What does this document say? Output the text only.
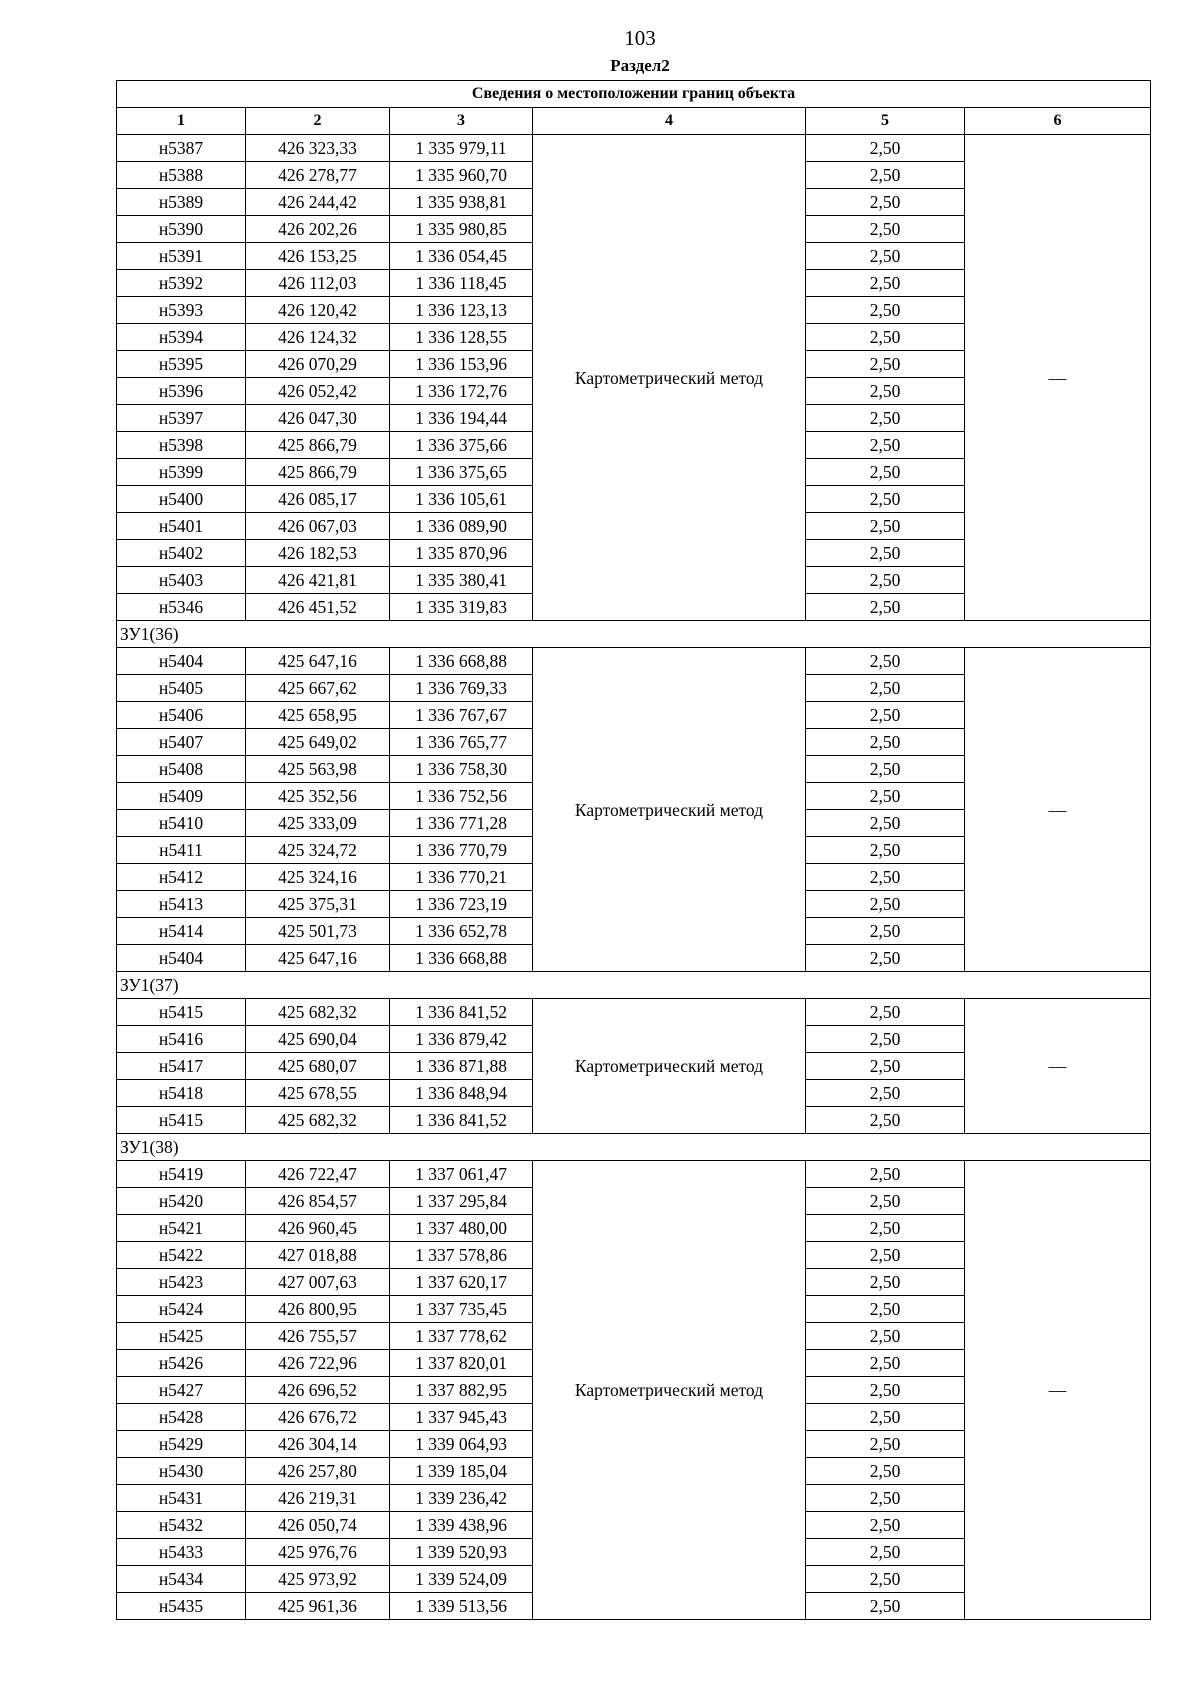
103
Раздел2
Сведения о местоположении границ объекта					
1	2	3	4	5	6
н5387	426 323,33	1 335 979,11	Картометрический метод	2,50	—
н5388	426 278,77	1 335 960,70		2,50	
н5389	426 244,42	1 335 938,81		2,50	
н5390	426 202,26	1 335 980,85		2,50	
н5391	426 153,25	1 336 054,45		2,50	
н5392	426 112,03	1 336 118,45		2,50	
н5393	426 120,42	1 336 123,13		2,50	
н5394	426 124,32	1 336 128,55		2,50	
н5395	426 070,29	1 336 153,96		2,50	
н5396	426 052,42	1 336 172,76		2,50	
н5397	426 047,30	1 336 194,44		2,50	
н5398	425 866,79	1 336 375,66		2,50	
н5399	425 866,79	1 336 375,65		2,50	
н5400	426 085,17	1 336 105,61		2,50	
н5401	426 067,03	1 336 089,90		2,50	
н5402	426 182,53	1 335 870,96		2,50	
н5403	426 421,81	1 335 380,41		2,50	
н5346	426 451,52	1 335 319,83		2,50	
ЗУ1(36)					
н5404	425 647,16	1 336 668,88	Картометрический метод	2,50	—
н5405	425 667,62	1 336 769,33		2,50	
н5406	425 658,95	1 336 767,67		2,50	
н5407	425 649,02	1 336 765,77		2,50	
н5408	425 563,98	1 336 758,30		2,50	
н5409	425 352,56	1 336 752,56		2,50	
н5410	425 333,09	1 336 771,28		2,50	
н5411	425 324,72	1 336 770,79		2,50	
н5412	425 324,16	1 336 770,21		2,50	
н5413	425 375,31	1 336 723,19		2,50	
н5414	425 501,73	1 336 652,78		2,50	
н5404	425 647,16	1 336 668,88		2,50	
ЗУ1(37)					
н5415	425 682,32	1 336 841,52	Картометрический метод	2,50	—
н5416	425 690,04	1 336 879,42		2,50	
н5417	425 680,07	1 336 871,88		2,50	
н5418	425 678,55	1 336 848,94		2,50	
н5415	425 682,32	1 336 841,52		2,50	
ЗУ1(38)					
н5419	426 722,47	1 337 061,47	Картометрический метод	2,50	—
н5420	426 854,57	1 337 295,84		2,50	
н5421	426 960,45	1 337 480,00		2,50	
н5422	427 018,88	1 337 578,86		2,50	
н5423	427 007,63	1 337 620,17		2,50	
н5424	426 800,95	1 337 735,45		2,50	
н5425	426 755,57	1 337 778,62		2,50	
н5426	426 722,96	1 337 820,01		2,50	
н5427	426 696,52	1 337 882,95		2,50	
н5428	426 676,72	1 337 945,43		2,50	
н5429	426 304,14	1 339 064,93		2,50	
н5430	426 257,80	1 339 185,04		2,50	
н5431	426 219,31	1 339 236,42		2,50	
н5432	426 050,74	1 339 438,96		2,50	
н5433	425 976,76	1 339 520,93		2,50	
н5434	425 973,92	1 339 524,09		2,50	
н5435	425 961,36	1 339 513,56		2,50	
